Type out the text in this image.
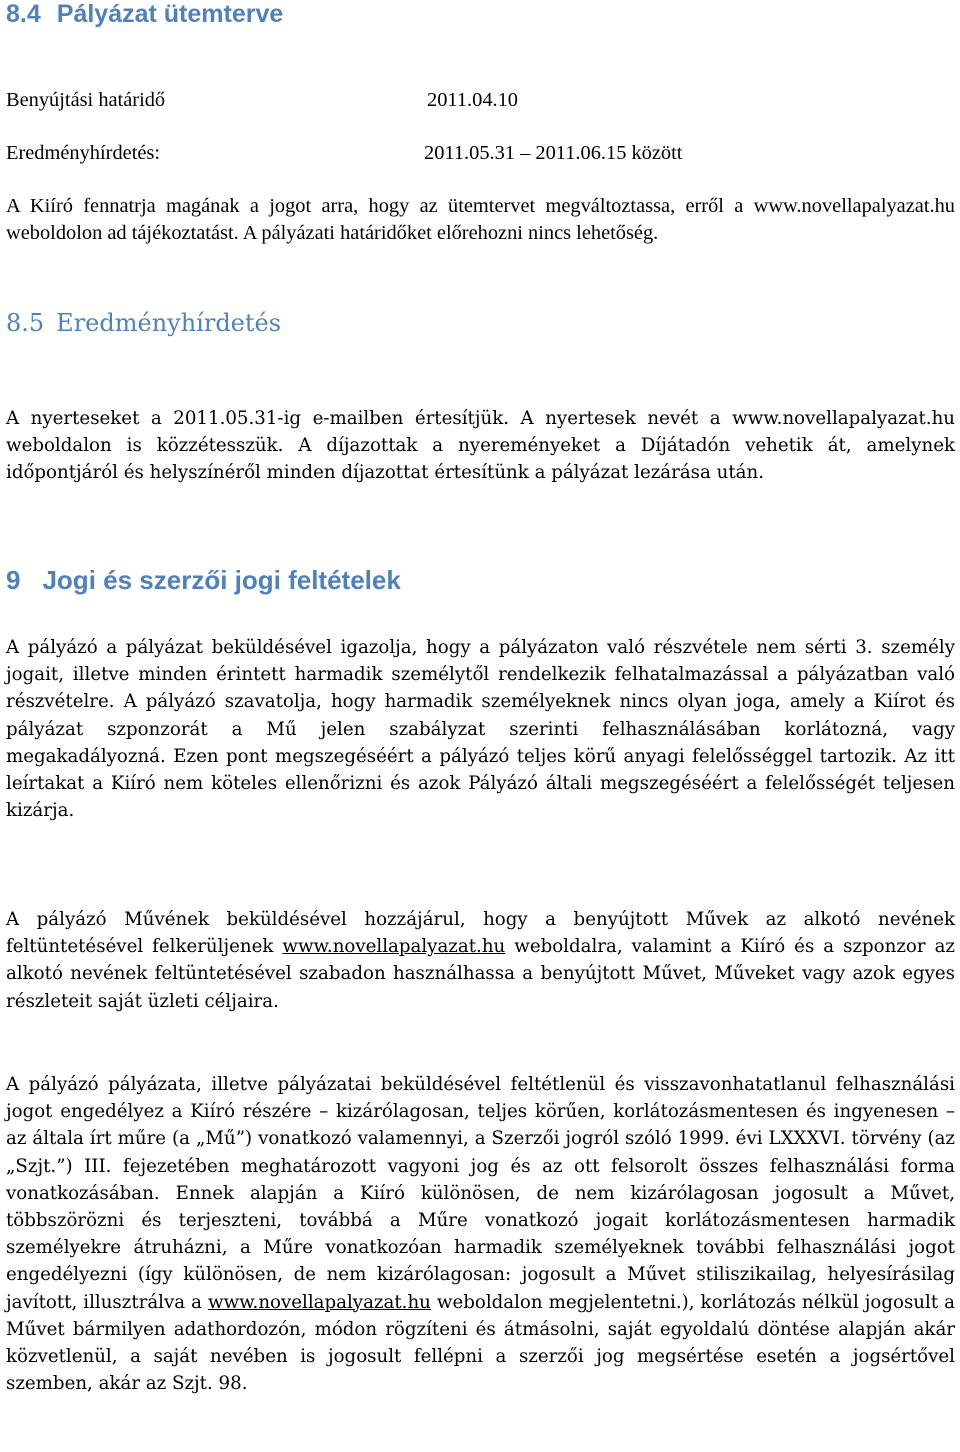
8.4 Pályázat ütemterve
Benyújtási határidő	2011.04.10
Eredményhírdetés:	2011.05.31 – 2011.06.15 között

A Kiíró fennatrja magának a jogot arra, hogy az ütemtervet megváltoztassa, erről a www.novellapalyazat.hu weboldolon ad tájékoztatást. A pályázati határidőket előrehozni nincs lehetőség.

8.5 Eredményhírdetés

A nyerteseket a 2011.05.31-ig e-mailben értesítjük. A nyertesek nevét a www.novellapalyazat.hu weboldalon is közzétesszük. A díjazottak a nyereményeket a Díjátadón vehetik át, amelynek időpontjáról és helyszínéről minden díjazottat értesítünk a pályázat lezárása után.

9 Jogi és szerzői jogi feltételek

A pályázó a pályázat beküldésével igazolja, hogy a pályázaton való részvétele nem sérti 3. személy jogait, illetve minden érintett harmadik személytől rendelkezik felhatalmazással a pályázatban való részvételre. A pályázó szavatolja, hogy harmadik személyeknek nincs olyan joga, amely a Kiírot és pályázat szponzorát a Mű jelen szabályzat szerinti felhasználásában korlátozná, vagy megakadályozná. Ezen pont megszegéséért a pályázó teljes körű anyagi felelősséggel tartozik. Az itt leírtakat a Kiíró nem köteles ellenőrizni és azok Pályázó általi megszegéséért a felelősségét teljesen kizárja.

A pályázó Művének beküldésével hozzájárul, hogy a benyújtott Művek az alkotó nevének feltüntetésével felkerüljenek www.novellapalyazat.hu weboldalra, valamint a Kiíró és a szponzor az alkotó nevének feltüntetésével szabadon használhassa a benyújtott Művet, Műveket vagy azok egyes részleteit saját üzleti céljaira.

A pályázó pályázata, illetve pályázatai beküldésével feltétlenül és visszavonhatatlanul felhasználási jogot engedélyez a Kiíró részére – kizárólagosan, teljes körűen, korlátozásmentesen és ingyenesen – az általa írt műre (a „Mű”) vonatkozó valamennyi, a Szerzői jogról szóló 1999. évi LXXXVI. törvény (az „Szjt.”) III. fejezetében meghatározott vagyoni jog és az ott felsorolt összes felhasználási forma vonatkozásában. Ennek alapján a Kiíró különösen, de nem kizárólagosan jogosult a Művet, többszörözni és terjeszteni, továbbá a Műre vonatkozó jogait korlátozásmentesen harmadik személyekre átruházni, a Műre vonatkozóan harmadik személyeknek további felhasználási jogot engedélyezni (így különösen, de nem kizárólagosan: jogosult a Művet stiliszikailag, helyesírásilag javított, illusztrálva a www.novellapalyazat.hu weboldalon megjelentetni.), korlátozás nélkül jogosult a Művet bármilyen adathordozón, módon rögzíteni és átmásolni, saját egyoldalú döntése alapján akár közvetlenül, a saját nevében is jogosult fellépni a szerzői jog megsértése esetén a jogsértővel szemben, akár az Szjt. 98.
